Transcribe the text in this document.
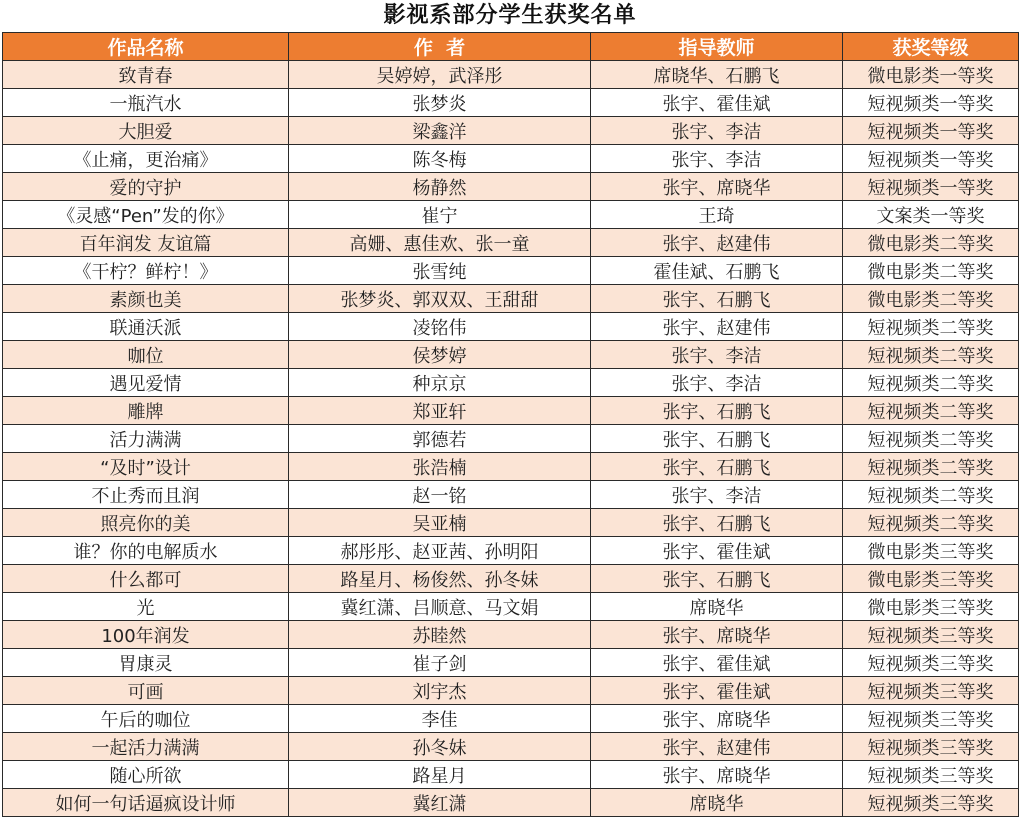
影视系部分学生获奖名单
作品名称	作  者	指导教师	获奖等级
致青春	吴婷婷，武泽彤	席晓华、石鹏飞	微电影类一等奖
一瓶汽水	张梦炎	张宇、霍佳斌	短视频类一等奖
大胆爱	梁鑫洋	张宇、李洁	短视频类一等奖
《止痛，更治痛》	陈冬梅	张宇、李洁	短视频类一等奖
爱的守护	杨静然	张宇、席晓华	短视频类一等奖
《灵感“Pen”发的你》	崔宁	王琦	文案类一等奖
百年润发 友谊篇	高姗、惠佳欢、张一童	张宇、赵建伟	微电影类二等奖
《干柠？鲜柠！》	张雪纯	霍佳斌、石鹏飞	微电影类二等奖
素颜也美	张梦炎、郭双双、王甜甜	张宇、石鹏飞	微电影类二等奖
联通沃派	凌铭伟	张宇、赵建伟	短视频类二等奖
咖位	侯梦婷	张宇、李洁	短视频类二等奖
遇见爱情	种京京	张宇、李洁	短视频类二等奖
雕牌	郑亚轩	张宇、石鹏飞	短视频类二等奖
活力满满	郭德若	张宇、石鹏飞	短视频类二等奖
“及时”设计	张浩楠	张宇、石鹏飞	短视频类二等奖
不止秀而且润	赵一铭	张宇、李洁	短视频类二等奖
照亮你的美	吴亚楠	张宇、石鹏飞	短视频类二等奖
谁？你的电解质水	郝彤彤、赵亚茜、孙明阳	张宇、霍佳斌	微电影类三等奖
什么都可	路星月、杨俊然、孙冬妹	张宇、石鹏飞	微电影类三等奖
光	冀红潇、吕顺意、马文娟	席晓华	微电影类三等奖
100年润发	苏睦然	张宇、席晓华	短视频类三等奖
胃康灵	崔子剑	张宇、霍佳斌	短视频类三等奖
可画	刘宇杰	张宇、霍佳斌	短视频类三等奖
午后的咖位	李佳	张宇、席晓华	短视频类三等奖
一起活力满满	孙冬妹	张宇、赵建伟	短视频类三等奖
随心所欲	路星月	张宇、席晓华	短视频类三等奖
如何一句话逼疯设计师	冀红潇	席晓华	短视频类三等奖
